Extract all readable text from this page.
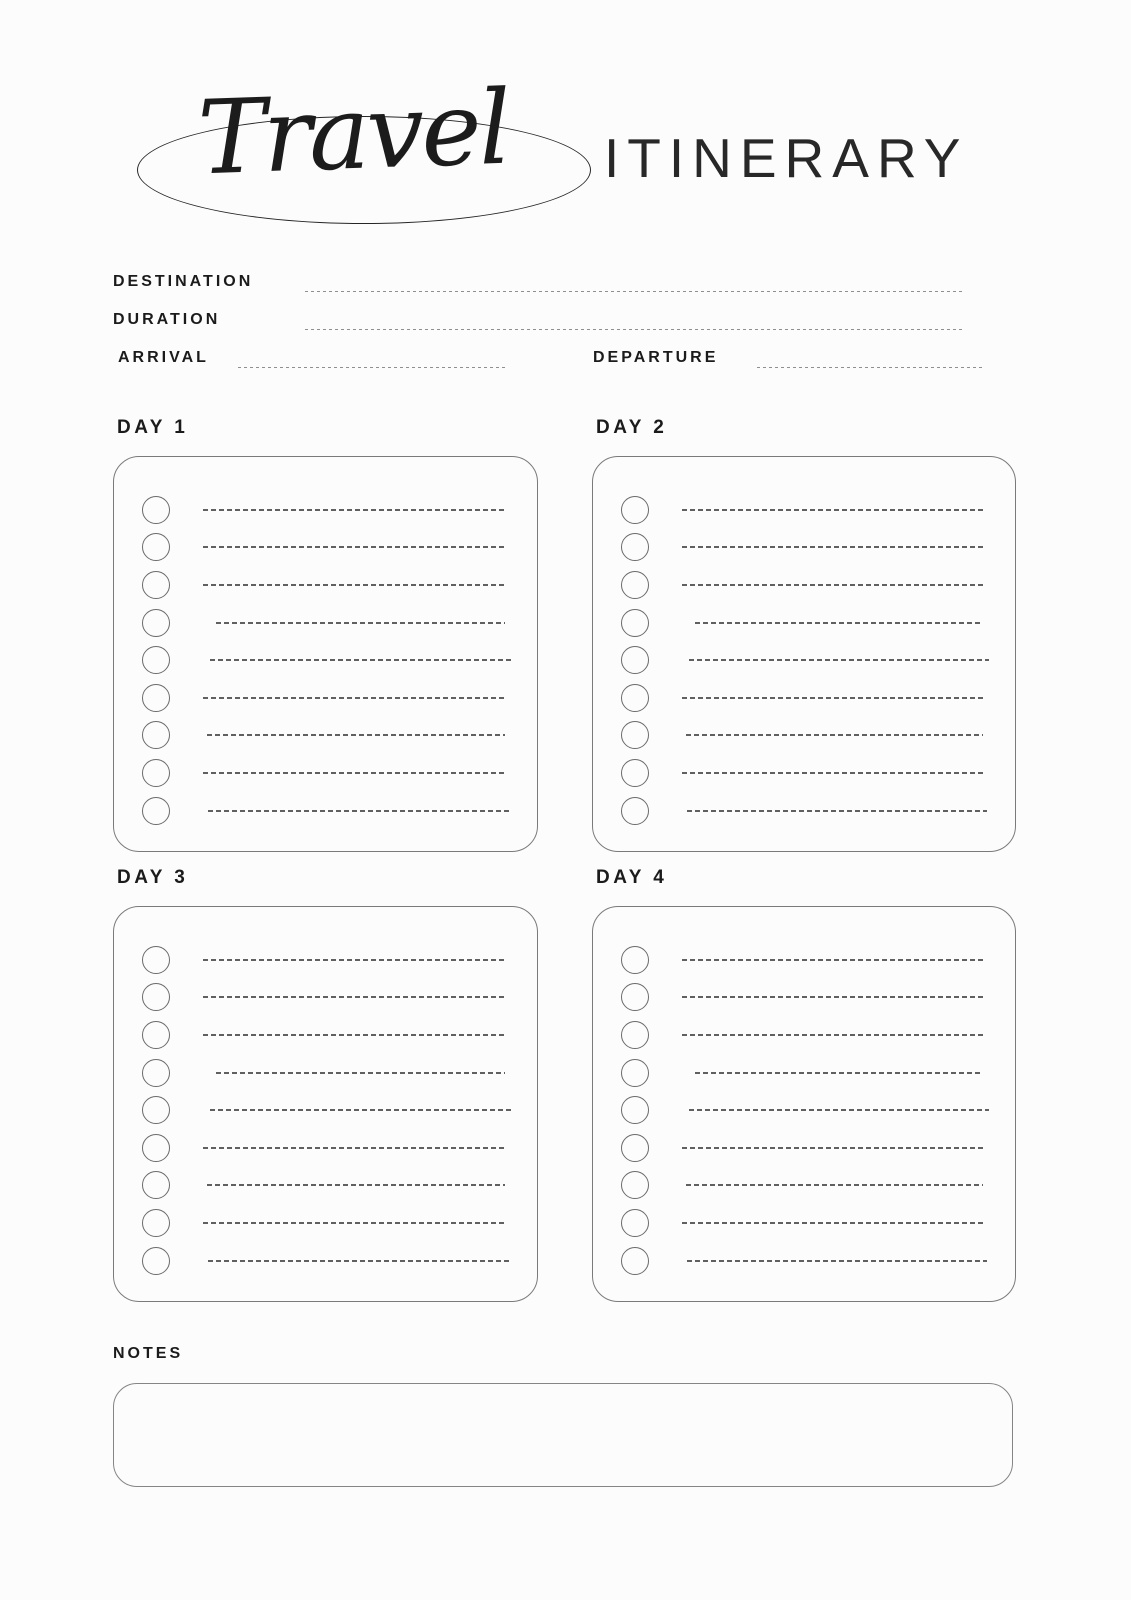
Travel ITINERARY
DESTINATION
DURATION
ARRIVAL	DEPARTURE
DAY 1	DAY 2
DAY 3	DAY 4
NOTES
